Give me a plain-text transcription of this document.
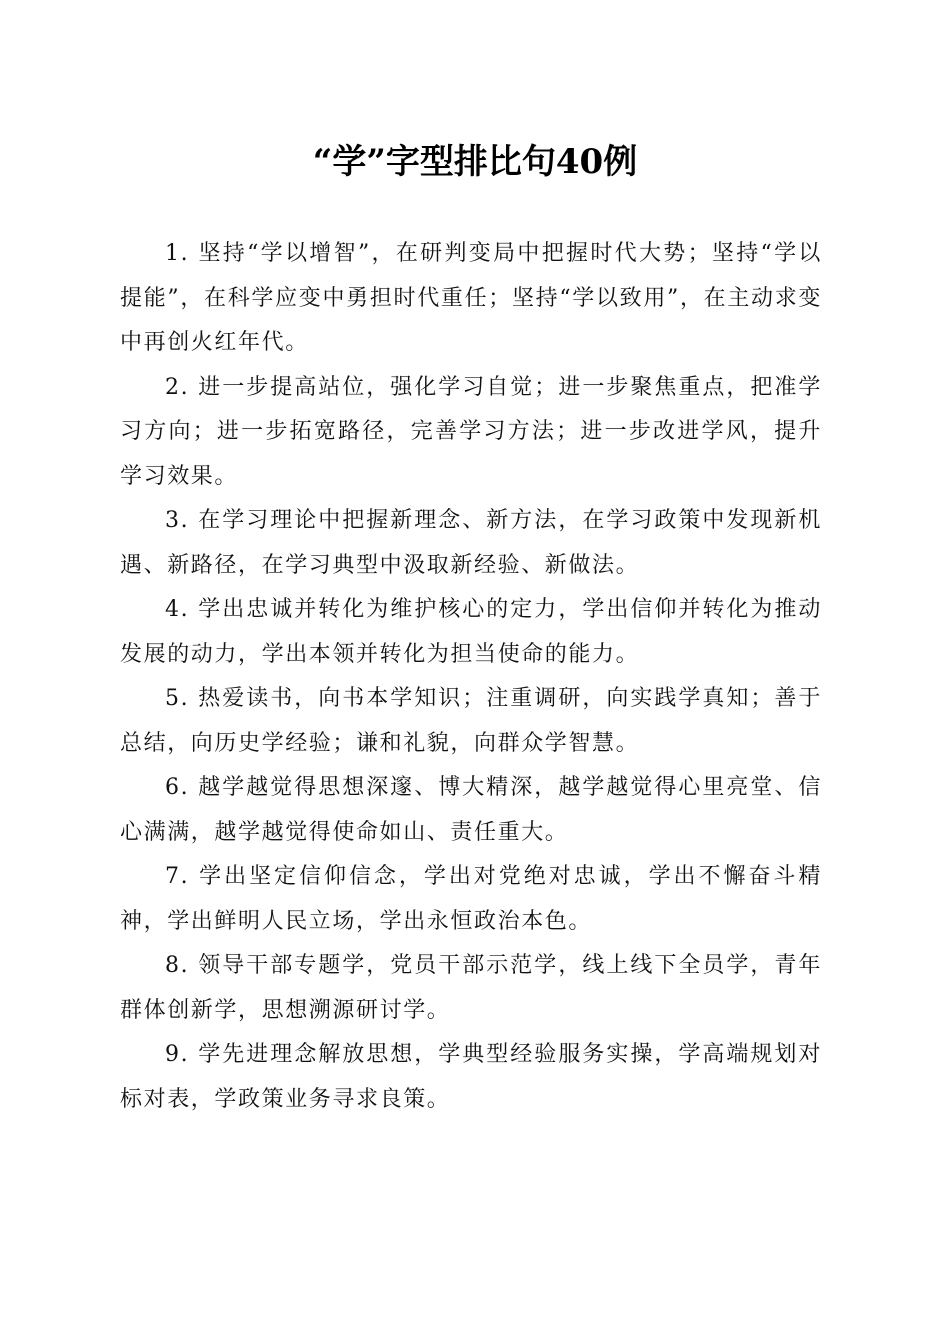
“学”字型排比句40例

1. 坚持“学以增智”，在研判变局中把握时代大势；坚持“学以提能”，在科学应变中勇担时代重任；坚持“学以致用”，在主动求变中再创火红年代。

2. 进一步提高站位，强化学习自觉；进一步聚焦重点，把准学习方向；进一步拓宽路径，完善学习方法；进一步改进学风，提升学习效果。

3. 在学习理论中把握新理念、新方法，在学习政策中发现新机遇、新路径，在学习典型中汲取新经验、新做法。

4. 学出忠诚并转化为维护核心的定力，学出信仰并转化为推动发展的动力，学出本领并转化为担当使命的能力。

5. 热爱读书，向书本学知识；注重调研，向实践学真知；善于总结，向历史学经验；谦和礼貌，向群众学智慧。

6. 越学越觉得思想深邃、博大精深，越学越觉得心里亮堂、信心满满，越学越觉得使命如山、责任重大。

7. 学出坚定信仰信念，学出对党绝对忠诚，学出不懈奋斗精神，学出鲜明人民立场，学出永恒政治本色。

8. 领导干部专题学，党员干部示范学，线上线下全员学，青年群体创新学，思想溯源研讨学。

9. 学先进理念解放思想，学典型经验服务实操，学高端规划对标对表，学政策业务寻求良策。
